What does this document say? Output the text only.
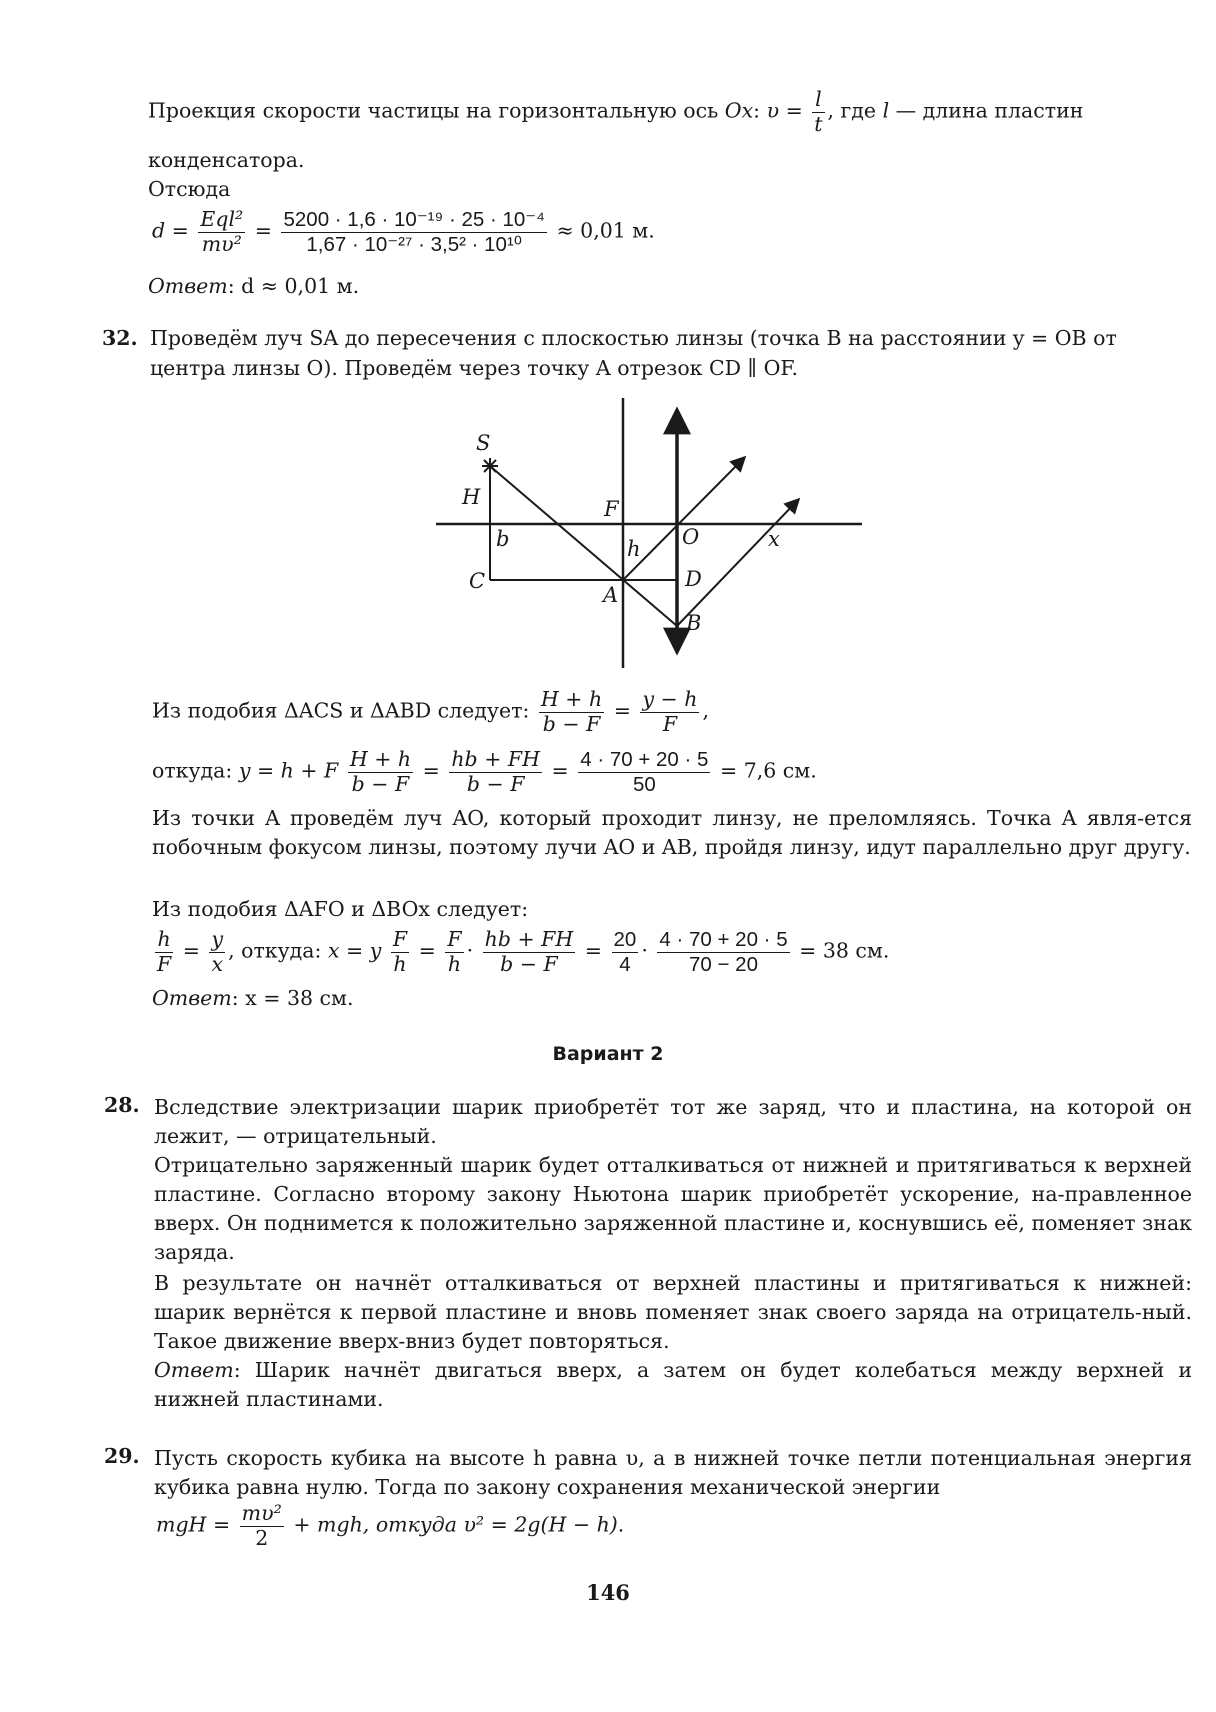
Проекция скорости частицы на горизонтальную ось Ox: $\upsilon = \frac{l}{t}$ , где l — длина пластин
конденсатора.
Отсюда
$d = \frac{\text{Eql²}}{\text{mυ²}} = \frac{\text{5200 · 1,6 · 10⁻¹⁹ · 25 · 10⁻⁴}}{\text{1,67 · 10⁻²⁷ · 3,5² · 10¹⁰}} \approx 0,01$ м.
Ответ: d ≈ 0,01 м.
32. Проведём луч SA до пересечения с плоскостью линзы (точка B на расстоянии y = OB от
центра линзы O). Проведём через точку A отрезок CD ∥ OF.
S
H	F
O	x
b	h
C
A
D
B
Из подобия ΔACS и ΔABD следует: $\frac{H + h}{b - F} = \frac{y - h}{F}$ ,
откуда: y = h + F $\frac{H + h}{b - F} = \frac{hb + FH}{b - F} = \frac{4 \cdot 70 + 20 \cdot 5}{50} = 7,6$ см.
Из точки A проведём луч AO, который проходит линзу, не преломляясь. Точка A явля-ется побочным фокусом линзы, поэтому лучи AO и AB, пройдя линзу, идут параллельно друг другу.
Из подобия ΔAFO и ΔBOx следует:
$\frac{h}{F} = \frac{y}{x}$ , откуда: x = y $\frac{F}{h} = \frac{F}{h} \cdot \frac{hb + FH}{b - F} = \frac{20}{4} \cdot \frac{4 \cdot 70 + 20 \cdot 5}{70 - 20} = 38$ см.
Ответ: x = 38 см.
Вариант 2
28. Вследствие электризации шарик приобретёт тот же заряд, что и пластина, на которой он лежит, — отрицательный.
Отрицательно заряженный шарик будет отталкиваться от нижней и притягиваться к верхней пластине. Согласно второму закону Ньютона шарик приобретёт ускорение, на-правленное вверх. Он поднимется к положительно заряженной пластине и, коснувшись её, поменяет знак заряда.
В результате он начнёт отталкиваться от верхней пластины и притягиваться к нижней: шарик вернётся к первой пластине и вновь поменяет знак своего заряда на отрицатель-ный. Такое движение вверх-вниз будет повторяться.
Ответ: Шарик начнёт двигаться вверх, а затем он будет колебаться между верхней и нижней пластинами.
29. Пусть скорость кубика на высоте h равна υ, а в нижней точке петли потенциальная энергия кубика равна нулю. Тогда по закону сохранения механической энергии
mgH = $\frac{\text{mυ²}}{2}$ + mgh, откуда υ² = 2g(H − h).
146
